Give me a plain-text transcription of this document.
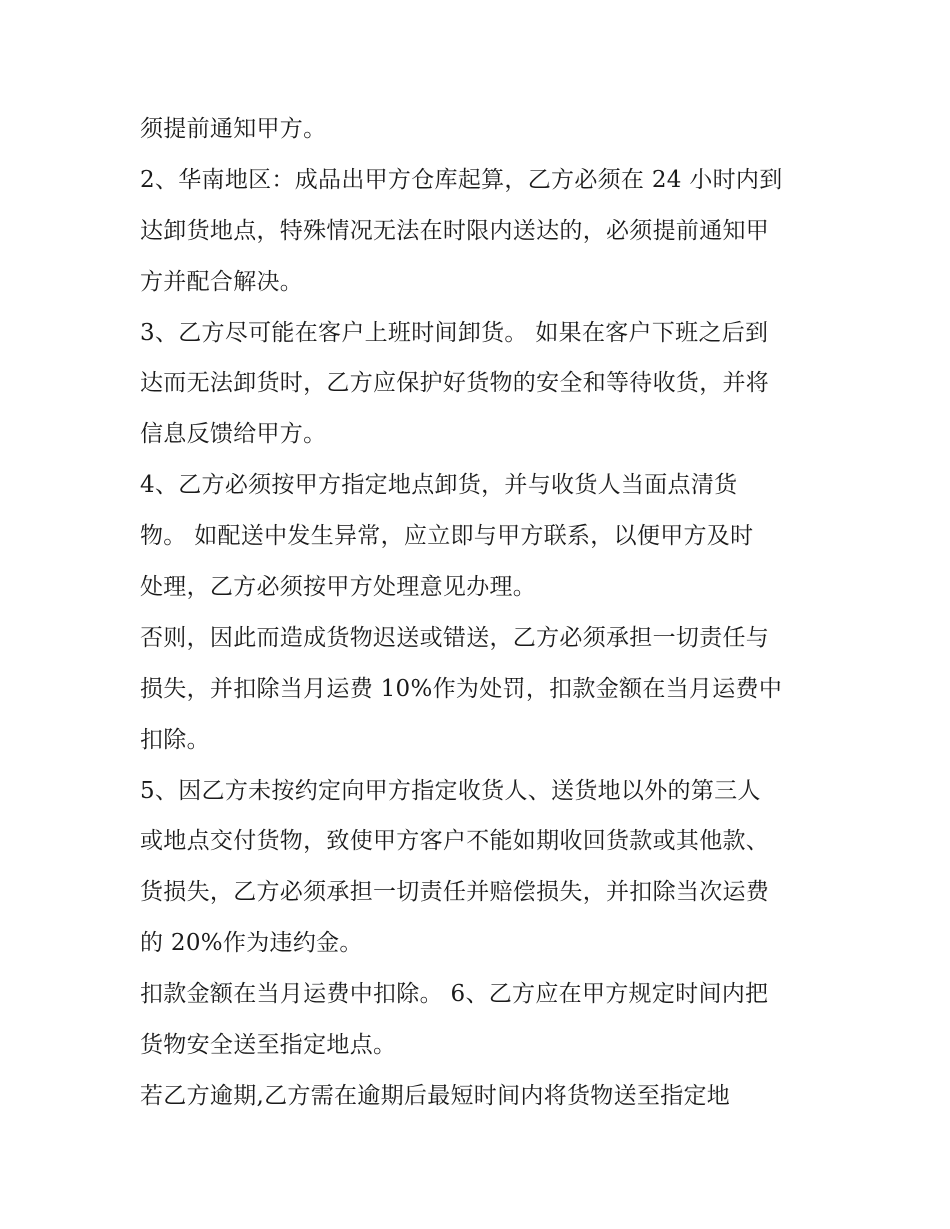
须提前通知甲方。
2、华南地区：成品出甲方仓库起算，乙方必须在 24 小时内到
达卸货地点，特殊情况无法在时限内送达的，必须提前通知甲
方并配合解决。
3、乙方尽可能在客户上班时间卸货。 如果在客户下班之后到
达而无法卸货时，乙方应保护好货物的安全和等待收货，并将
信息反馈给甲方。
4、乙方必须按甲方指定地点卸货，并与收货人当面点清货
物。 如配送中发生异常，应立即与甲方联系，以便甲方及时
处理，乙方必须按甲方处理意见办理。
否则，因此而造成货物迟送或错送，乙方必须承担一切责任与
损失，并扣除当月运费 10%作为处罚，扣款金额在当月运费中
扣除。
5、因乙方未按约定向甲方指定收货人、送货地以外的第三人
或地点交付货物，致使甲方客户不能如期收回货款或其他款、
货损失，乙方必须承担一切责任并赔偿损失，并扣除当次运费
的 20%作为违约金。
扣款金额在当月运费中扣除。 6、乙方应在甲方规定时间内把
货物安全送至指定地点。
若乙方逾期,乙方需在逾期后最短时间内将货物送至指定地
